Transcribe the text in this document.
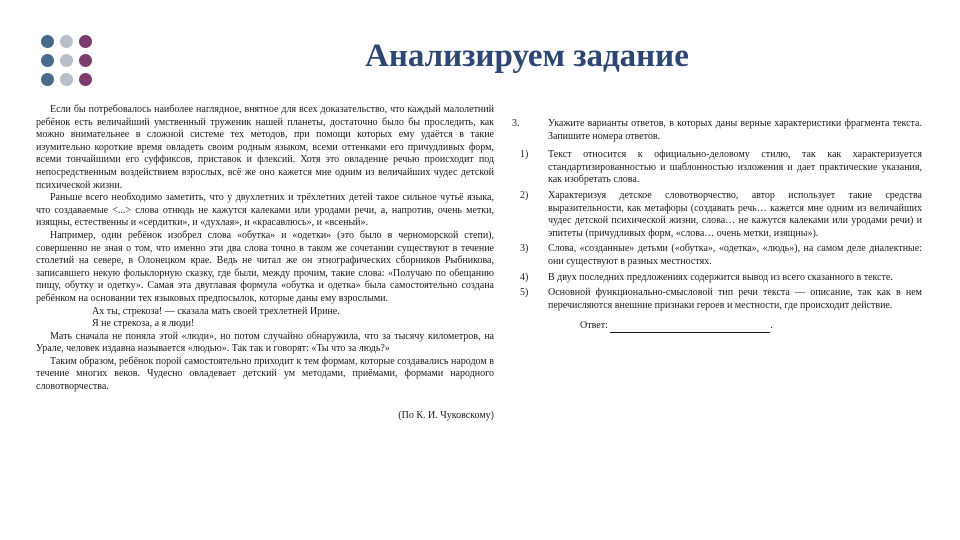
Анализируем задание

Если бы потребовалось наиболее наглядное, внятное для всех доказательство, что каждый малолетний ребёнок есть величайший умственный труженик нашей планеты, достаточно было бы проследить, как можно внимательнее в сложной системе тех методов, при помощи которых ему удаётся в такие изумительно короткие время овладеть своим родным языком, всеми оттенками его причудливых форм, всеми тончайшими его суффиксов, приставок и флексий. Хотя это овладение речью происходит под непосредственным воздействием взрослых, всё же оно кажется мне одним из величайших чудес детской психической жизни.

Раньше всего необходимо заметить, что у двухлетних и трёхлетних детей такое сильное чутьё языка, что создаваемые <...> слова отнюдь не кажутся калеками или уродами речи, а, напротив, очень метки, изящны, естественны и «сердитки», и «духлая», и «красавлюсь», и «всеный».

Например, один ребёнок изобрел слова «обутка» и «одетки» (это было в черноморской степи), совершенно не зная о том, что именно эти два слова точно в таком же сочетании существуют в течение столетий на севере, в Олонецком крае. Ведь не читал же он этнографических сборников Рыбникова, записавшего некую фольклорную сказку, где были, между прочим, такие слова: «Получаю по обещанию пищу, обутку и одетку». Самая эта двуглавая формула «обутка и одетка» была самостоятельно создана ребёнком на основании тех языковых предпосылок, которые даны ему взрослыми.

Ах ты, стрекоза! — сказала мать своей трехлетней Ирине.

Я не стрекоза, а я люди!

Мать сначала не поняла этой «люди», но потом случайно обнаружила, что за тысячу километров, на Урале, человек издавна называется «людью». Так так и говорят: «Ты что за людь?»

Таким образом, ребёнок порой самостоятельно приходит к тем формам, которые создавались народом в течение многих веков. Чудесно овладевает детский ум методами, приёмами, формами народного словотворчества.

(По К. И. Чуковскому)

3.	Укажите варианты ответов, в которых даны верные характеристики фрагмента текста. Запишите номера ответов.
1)	Текст относится к официально-деловому стилю, так как характеризуется стандартизированностью и шаблонностью изложения и дает практические указания, как изобретать слова.
2)	Характеризуя детское словотворчество, автор использует такие средства выразительности, как метафоры (создавать речь… кажется мне одним из величайших чудес детской психической жизни, слова… не кажутся калеками или уродами речи) и эпитеты (причудливых форм, «слова… очень метки, изящны»).
3)	Слова, «созданные» детьми («обутка», «одетка», «людь»), на самом деле диалектные: они существуют в разных местностях.
4)	В двух последних предложениях содержится вывод из всего сказанного в тексте.
5)	Основной функционально-смысловой тип речи текста — описание, так как в нем перечисляются внешние признаки героев и местности, где происходит действие.
Ответ:	.
